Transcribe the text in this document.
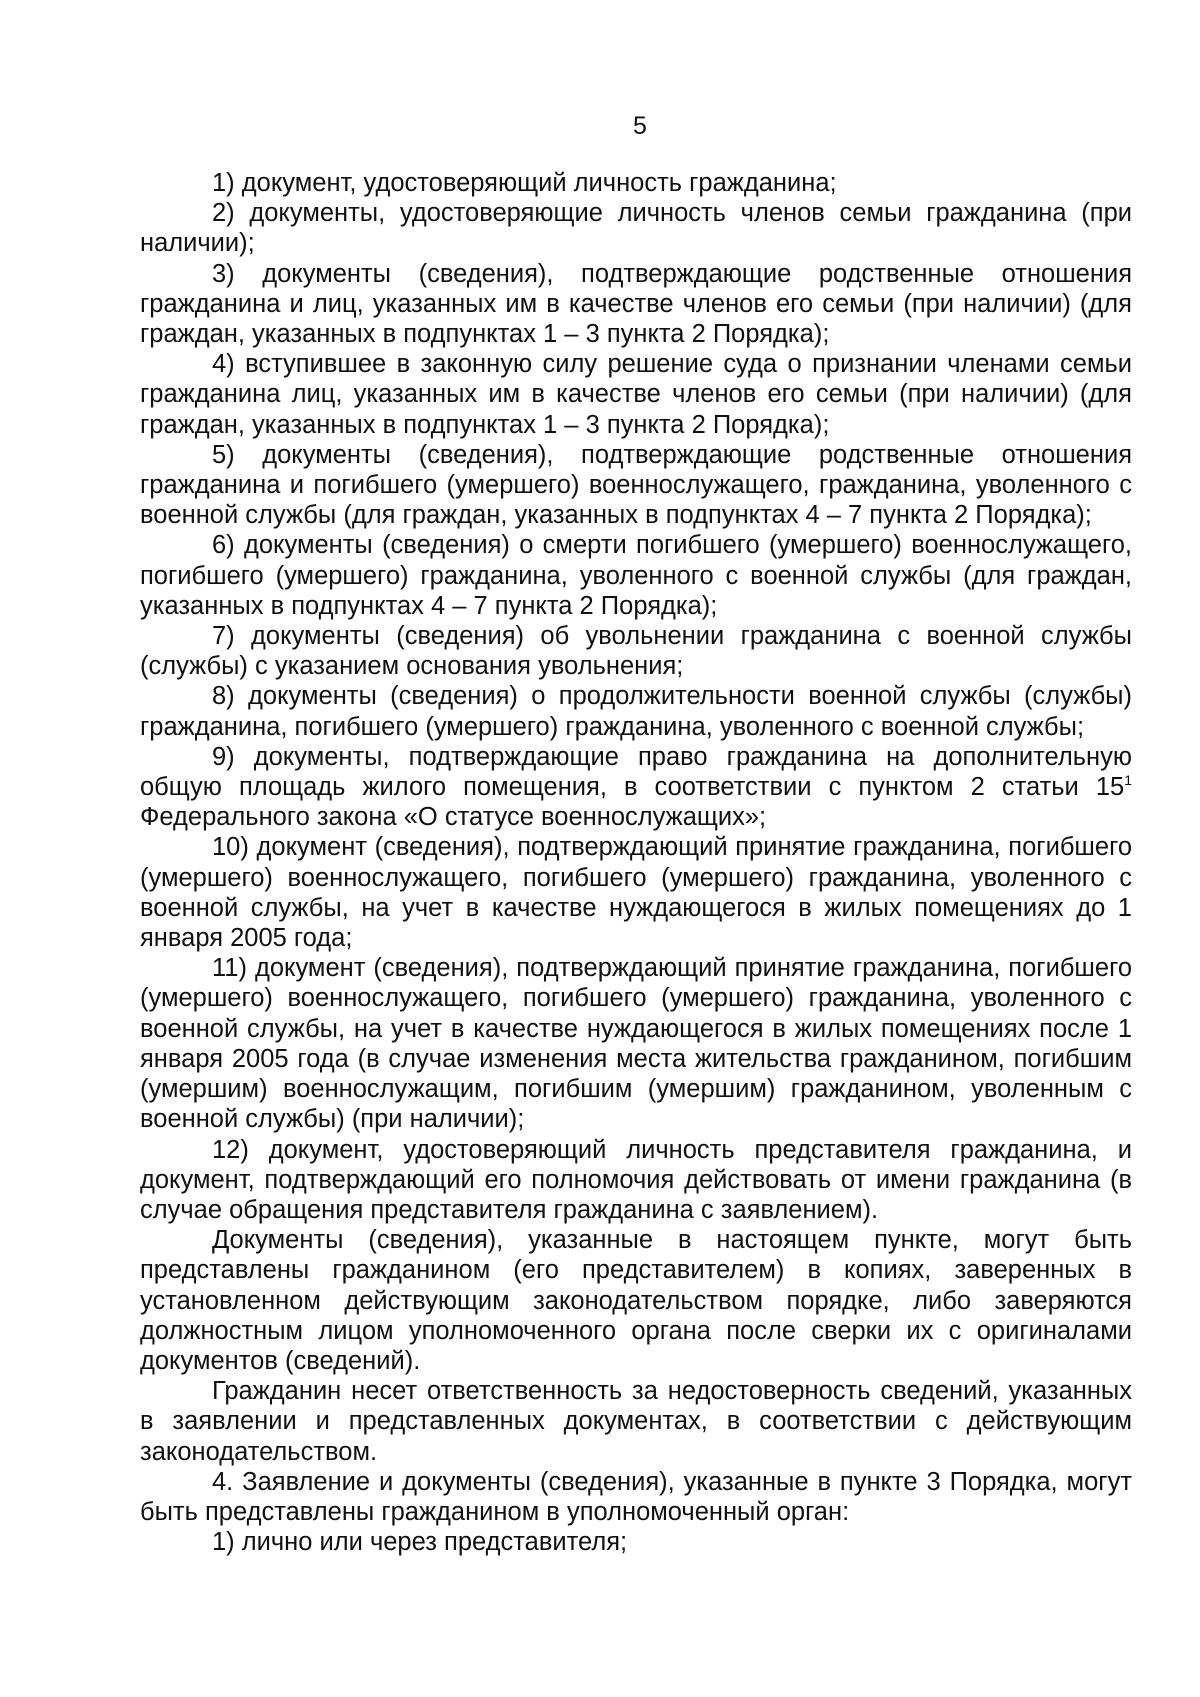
5

1) документ, удостоверяющий личность гражданина;

2) документы, удостоверяющие личность членов семьи гражданина (при наличии);

3) документы (сведения), подтверждающие родственные отношения гражданина и лиц, указанных им в качестве членов его семьи (при наличии) (для граждан, указанных в подпунктах 1 – 3 пункта 2 Порядка);

4) вступившее в законную силу решение суда о признании членами семьи гражданина лиц, указанных им в качестве членов его семьи (при наличии) (для граждан, указанных в подпунктах 1 – 3 пункта 2 Порядка);

5) документы (сведения), подтверждающие родственные отношения гражданина и погибшего (умершего) военнослужащего, гражданина, уволенного с военной службы (для граждан, указанных в подпунктах 4 – 7 пункта 2 Порядка);

6) документы (сведения) о смерти погибшего (умершего) военнослужащего, погибшего (умершего) гражданина, уволенного с военной службы (для граждан, указанных в подпунктах 4 – 7 пункта 2 Порядка);

7) документы (сведения) об увольнении гражданина с военной службы (службы) с указанием основания увольнения;

8) документы (сведения) о продолжительности военной службы (службы) гражданина, погибшего (умершего) гражданина, уволенного с военной службы;

9) документы, подтверждающие право гражданина на дополнительную общую площадь жилого помещения, в соответствии с пунктом 2 статьи $15^1$ Федерального закона «О статусе военнослужащих»;

10) документ (сведения), подтверждающий принятие гражданина, погибшего (умершего) военнослужащего, погибшего (умершего) гражданина, уволенного с военной службы, на учет в качестве нуждающегося в жилых помещениях до 1 января 2005 года;

11) документ (сведения), подтверждающий принятие гражданина, погибшего (умершего) военнослужащего, погибшего (умершего) гражданина, уволенного с военной службы, на учет в качестве нуждающегося в жилых помещениях после 1 января 2005 года (в случае изменения места жительства гражданином, погибшим (умершим) военнослужащим, погибшим (умершим) гражданином, уволенным с военной службы) (при наличии);

12) документ, удостоверяющий личность представителя гражданина, и документ, подтверждающий его полномочия действовать от имени гражданина (в случае обращения представителя гражданина с заявлением).

Документы (сведения), указанные в настоящем пункте, могут быть представлены гражданином (его представителем) в копиях, заверенных в установленном действующим законодательством порядке, либо заверяются должностным лицом уполномоченного органа после сверки их с оригиналами документов (сведений).

Гражданин несет ответственность за недостоверность сведений, указанных в заявлении и представленных документах, в соответствии с действующим законодательством.

4. Заявление и документы (сведения), указанные в пункте 3 Порядка, могут быть представлены гражданином в уполномоченный орган:

1) лично или через представителя;
